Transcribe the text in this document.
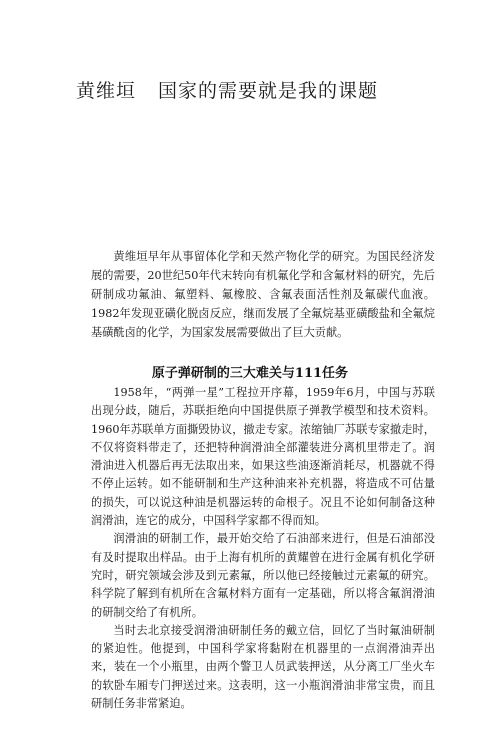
黄维垣 国家的需要就是我的课题

黄维垣早年从事留体化学和天然产物化学的研究。为国民经济发展的需要，20世纪50年代末转向有机氟化学和含氟材料的研究，先后研制成功氟油、氟塑料、氟橡胶、含氟表面活性剂及氟碳代血液。1982年发现亚磺化脱卤反应，继而发展了全氟烷基亚磺酸盐和全氟烷基磺酰卤的化学，为国家发展需要做出了巨大贡献。

原子弹研制的三大难关与111任务

1958年，“两弹一星”工程拉开序幕，1959年6月，中国与苏联出现分歧，随后，苏联拒绝向中国提供原子弹教学模型和技术资料。1960年苏联单方面撕毁协议，撤走专家。浓缩铀厂苏联专家撤走时，不仅将资料带走了，还把特种润滑油全部灌装进分离机里带走了。润滑油进入机器后再无法取出来，如果这些油逐渐消耗尽，机器就不得不停止运转。如不能研制和生产这种油来补充机器，将造成不可估量的损失，可以说这种油是机器运转的命根子。况且不论如何制备这种润滑油，连它的成分，中国科学家都不得而知。

润滑油的研制工作，最开始交给了石油部来进行，但是石油部没有及时提取出样品。由于上海有机所的黄耀曾在进行金属有机化学研究时，研究领域会涉及到元素氟，所以他已经接触过元素氟的研究。科学院了解到有机所在含氟材料方面有一定基础，所以将含氟润滑油的研制交给了有机所。

当时去北京接受润滑油研制任务的戴立信，回忆了当时氟油研制的紧迫性。他提到，中国科学家将黏附在机器里的一点润滑油弄出来，装在一个小瓶里，由两个警卫人员武装押送，从分离工厂坐火车的软卧车厢专门押送过来。这表明，这一小瓶润滑油非常宝贵，而且研制任务非常紧迫。
